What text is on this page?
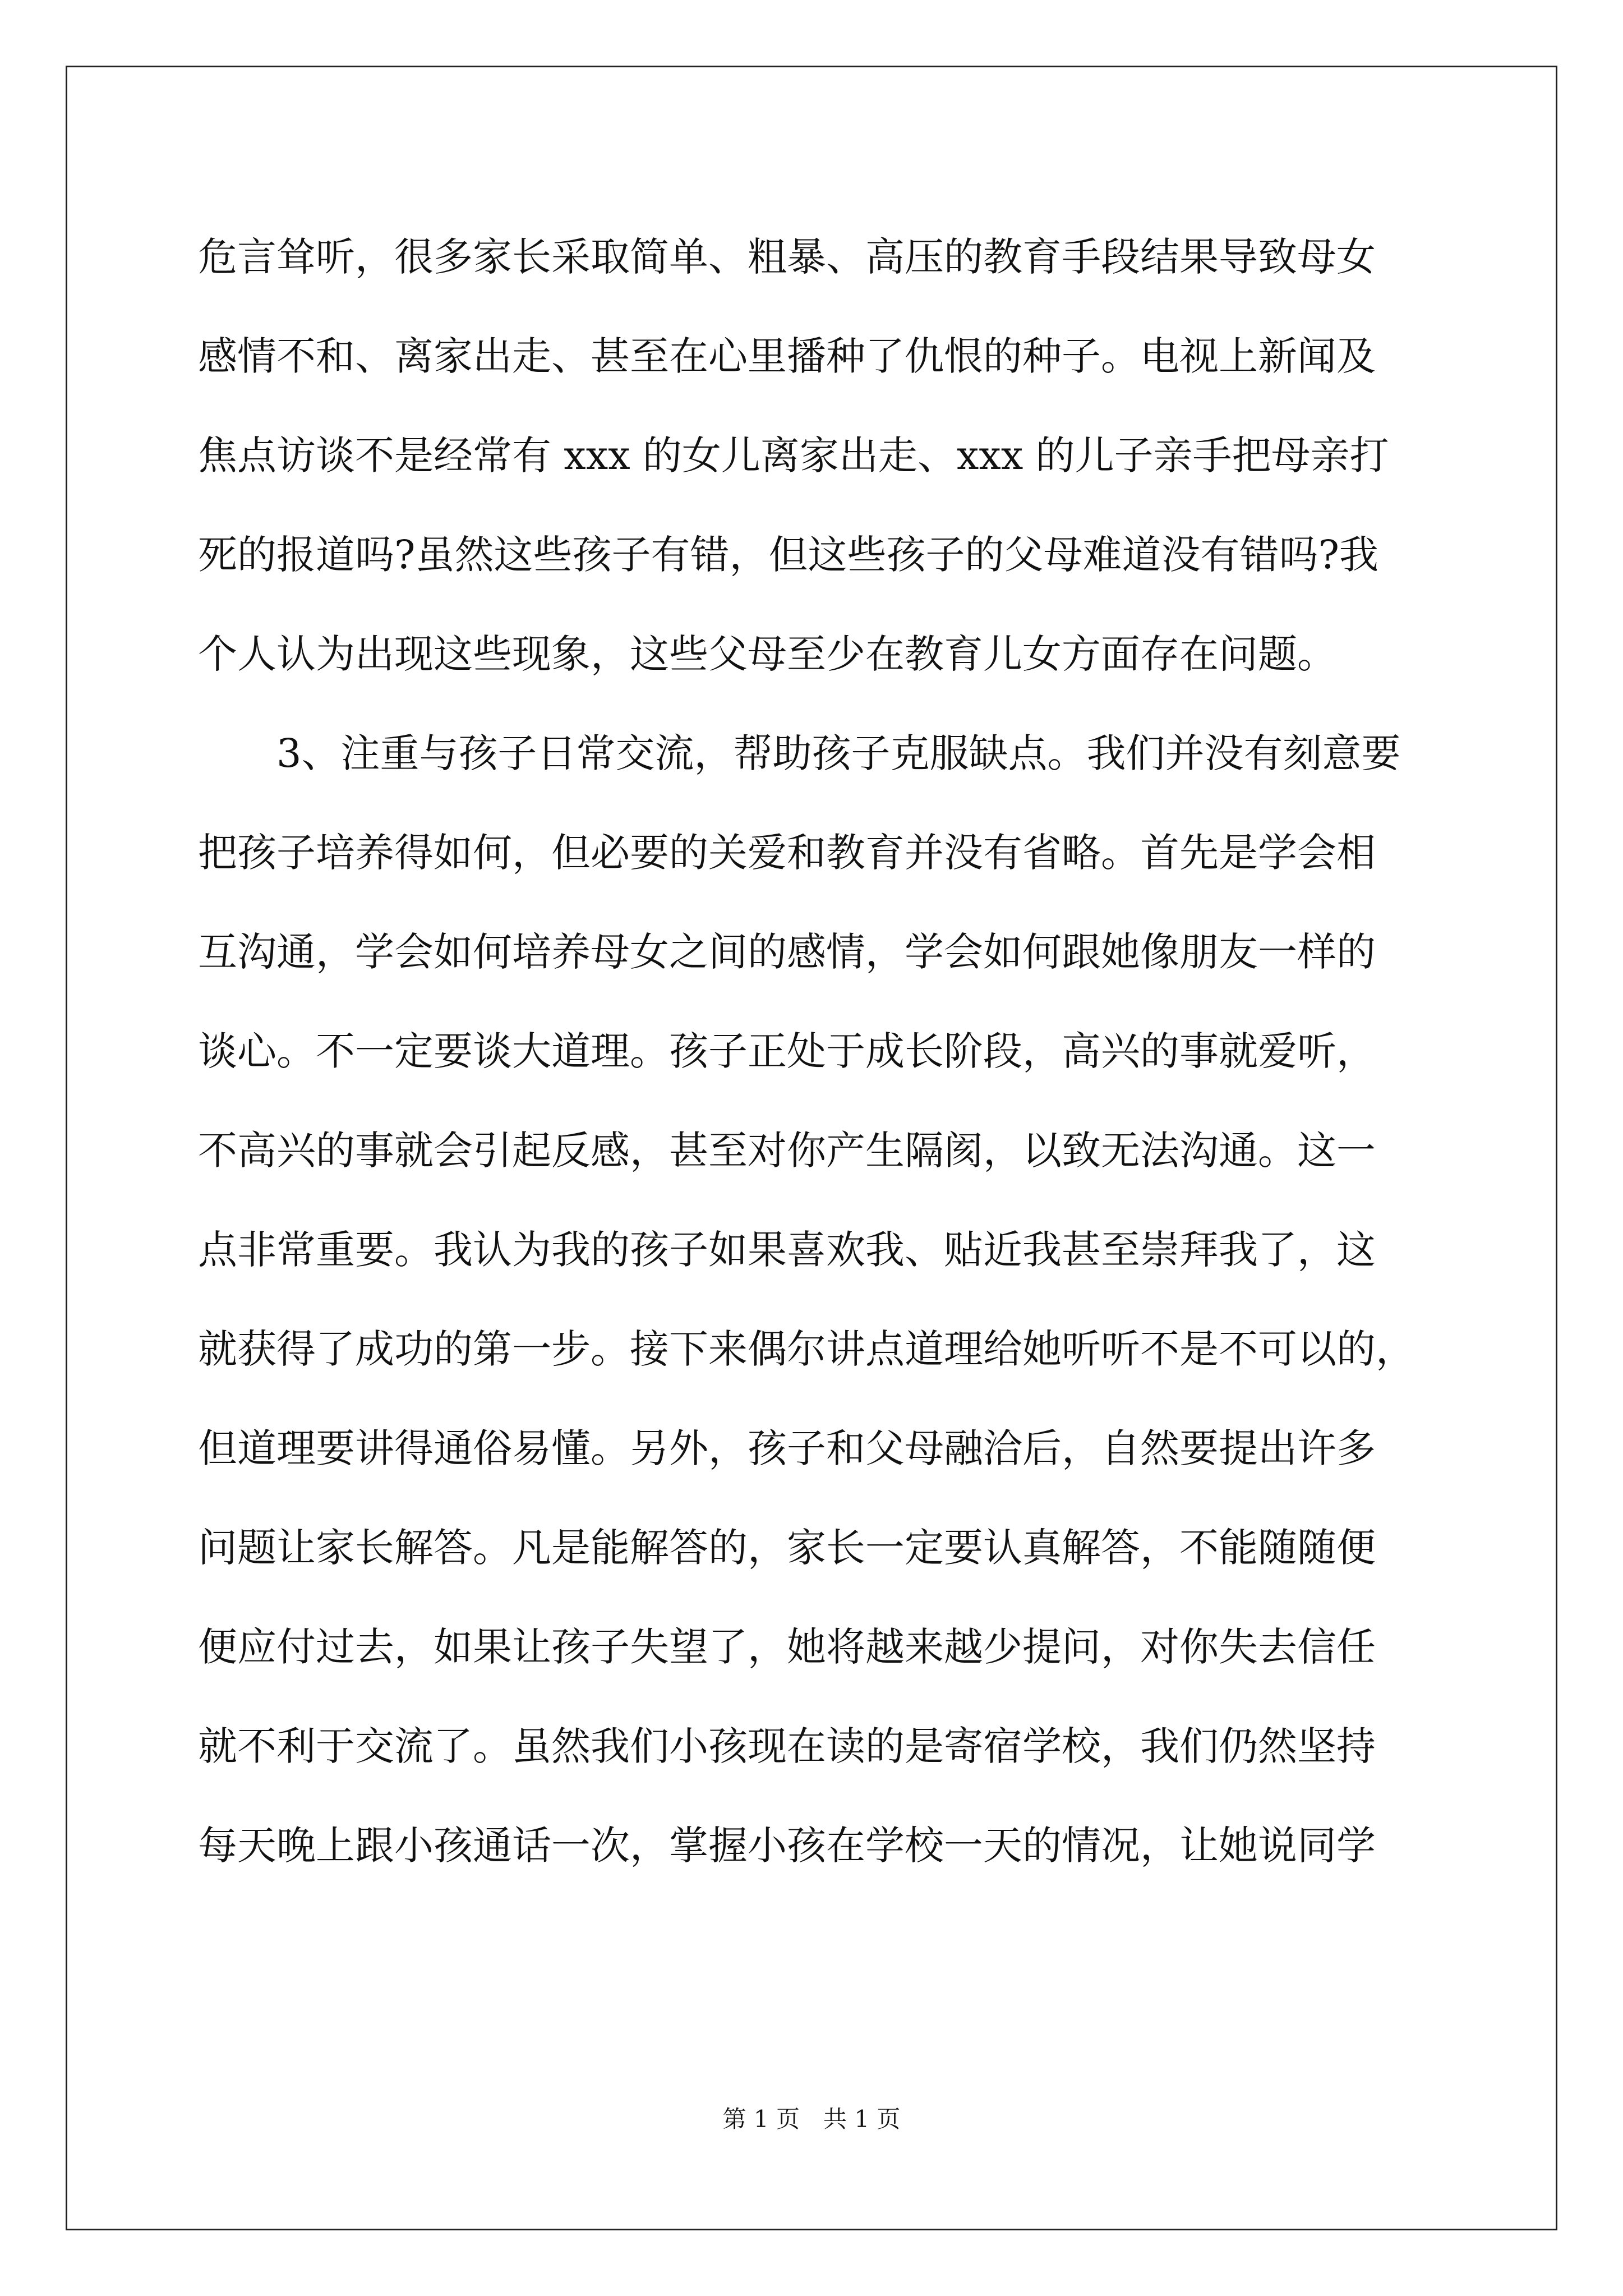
危言耸听，很多家长采取简单、粗暴、高压的教育手段结果导致母女
感情不和、离家出走、甚至在心里播种了仇恨的种子。电视上新闻及
焦点访谈不是经常有 xxx 的女儿离家出走、xxx 的儿子亲手把母亲打
死的报道吗?虽然这些孩子有错，但这些孩子的父母难道没有错吗?我
个人认为出现这些现象，这些父母至少在教育儿女方面存在问题。
　　3、注重与孩子日常交流，帮助孩子克服缺点。我们并没有刻意要
把孩子培养得如何，但必要的关爱和教育并没有省略。首先是学会相
互沟通，学会如何培养母女之间的感情，学会如何跟她像朋友一样的
谈心。不一定要谈大道理。孩子正处于成长阶段，高兴的事就爱听，
不高兴的事就会引起反感，甚至对你产生隔阂，以致无法沟通。这一
点非常重要。我认为我的孩子如果喜欢我、贴近我甚至崇拜我了，这
就获得了成功的第一步。接下来偶尔讲点道理给她听听不是不可以的，
但道理要讲得通俗易懂。另外，孩子和父母融洽后，自然要提出许多
问题让家长解答。凡是能解答的，家长一定要认真解答，不能随随便
便应付过去，如果让孩子失望了，她将越来越少提问，对你失去信任
就不利于交流了。虽然我们小孩现在读的是寄宿学校，我们仍然坚持
每天晚上跟小孩通话一次，掌握小孩在学校一天的情况，让她说同学
第 1 页 共 1 页
